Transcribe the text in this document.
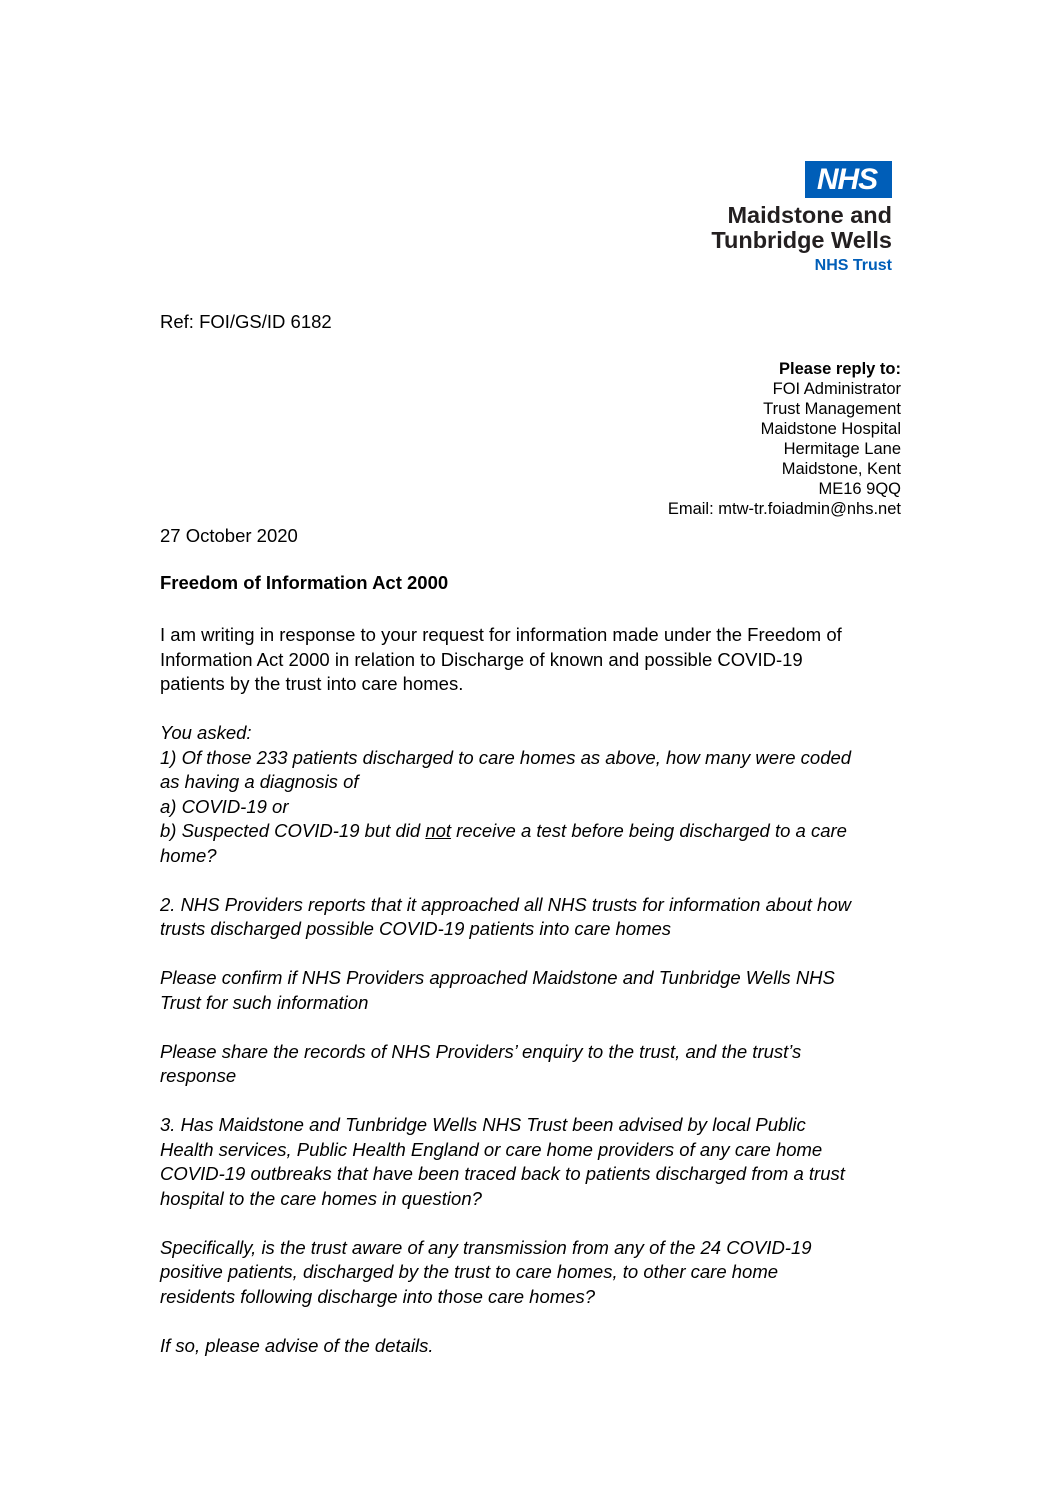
NHS
Maidstone and
Tunbridge Wells
NHS Trust
Ref: FOI/GS/ID 6182
Please reply to:
FOI Administrator
Trust Management
Maidstone Hospital
Hermitage Lane
Maidstone, Kent
ME16 9QQ
Email: mtw-tr.foiadmin@nhs.net
27 October 2020
Freedom of Information Act 2000

I am writing in response to your request for information made under the Freedom of Information Act 2000 in relation to Discharge of known and possible COVID-19 patients by the trust into care homes.

You asked:
1) Of those 233 patients discharged to care homes as above, how many were coded as having a diagnosis of
a) COVID-19 or
b) Suspected COVID-19 but did not receive a test before being discharged to a care home?

2. NHS Providers reports that it approached all NHS trusts for information about how trusts discharged possible COVID-19 patients into care homes

Please confirm if NHS Providers approached Maidstone and Tunbridge Wells NHS Trust for such information

Please share the records of NHS Providers’ enquiry to the trust, and the trust’s response

3. Has Maidstone and Tunbridge Wells NHS Trust been advised by local Public Health services, Public Health England or care home providers of any care home COVID-19 outbreaks that have been traced back to patients discharged from a trust hospital to the care homes in question?

Specifically, is the trust aware of any transmission from any of the 24 COVID-19 positive patients, discharged by the trust to care homes, to other care home residents following discharge into those care homes?

If so, please advise of the details.
